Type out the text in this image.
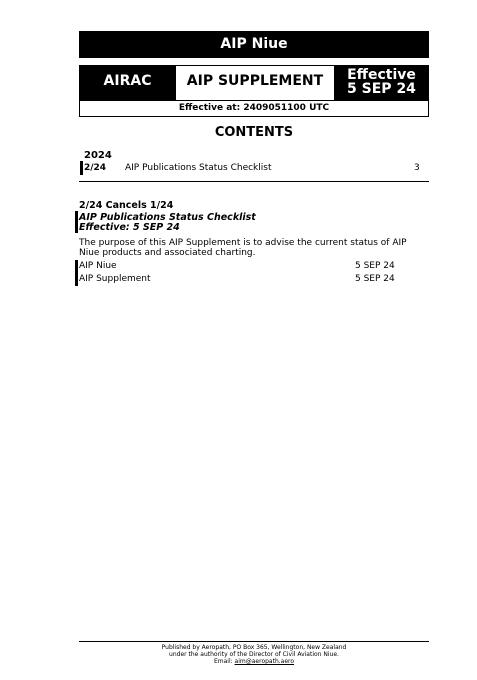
AIP Niue
AIRAC	AIP SUPPLEMENT	Effective
5 SEP 24
Effective at: 2409051100 UTC
CONTENTS
2024
2/24 AIP Publications Status Checklist	3
2/24 Cancels 1/24
AIP Publications Status Checklist
Effective: 5 SEP 24
The purpose of this AIP Supplement is to advise the current status of AIP Niue products and associated charting.
AIP Niue	5 SEP 24
AIP Supplement	5 SEP 24
Published by Aeropath, PO Box 365, Wellington, New Zealand
under the authority of the Director of Civil Aviation Niue.
Email: aim@aeropath.aero
